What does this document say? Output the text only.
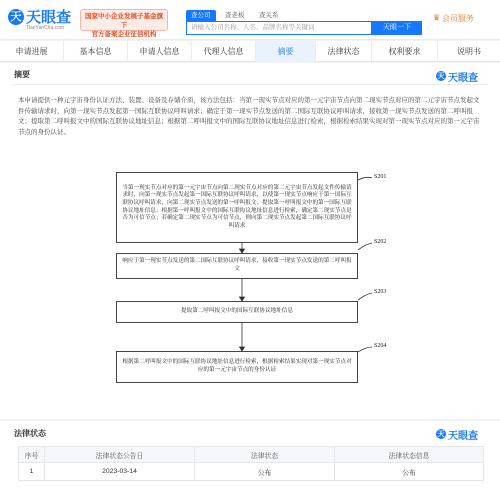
天 天眼查
TianYanCha.com
国家中小企业发展子基金旗下
官方备案企业征信机构
查公司	查老板	查关系
请输入公司名称、人名、品牌名称等关键词	天眼一下
♛ 会员服务
申请进展	基本信息	申请人信息	代理人信息	摘要	法律状态	权利要求	说明书
摘要	天 天眼查
本申请提供一种元宇宙身份认证方法、装置、设备及存储介质，该方法包括：当第一现实节点对应的第一元宇宙节点向第二现实节点对应的第二元宇宙节点发起文件传输请求时，向第一现实节点发起第一国际互联协议呼叫请求；确定于第一现实节点发送的第二国际互联协议呼叫请求，接收第一现实节点发送的第二呼叫报文；提取第二呼叫报文中的国际互联协议地址信息；根据第二呼叫报文中的国际互联协议地址信息进行检索，根据检索结果实现对第一现实节点对应的第一元宇宙节点的身份认证。
当第一现实节点对应的第一元宇宙节点向第二现实节点对应的第二元宇宙节点发起文件传输请求时，向第一现实节点发起第一国际互联协议呼叫请求，以使第一现实节点响应于第一国际互联协议呼叫请求，向第二现实节点发送的第一呼叫报文；提取第一呼叫报文中的第一国际互联协议地址信息；根据第一呼叫报文中的国际互联协议地址信息进行检索，确定第二现实节点是否为可信节点；若确定第二现实节点为可信节点，则向第二现实节点发起第二国际互联协议呼叫请求
S201
响应于第一现实节点发送的第二国际互联协议呼叫请求，接收第一现实节点发送的第二呼叫报文
S202
提取第二呼叫报文中的国际互联协议地址信息
S203
根据第二呼叫报文中的国际互联协议地址信息进行检索，根据检索结果实现对第一现实节点对应的第一元宇宙节点的身份认证
S204
法律状态	天 天眼查
序号	法律状态公告日	法律状态	法律状态信息
1	2023-03-14	公布	公布
